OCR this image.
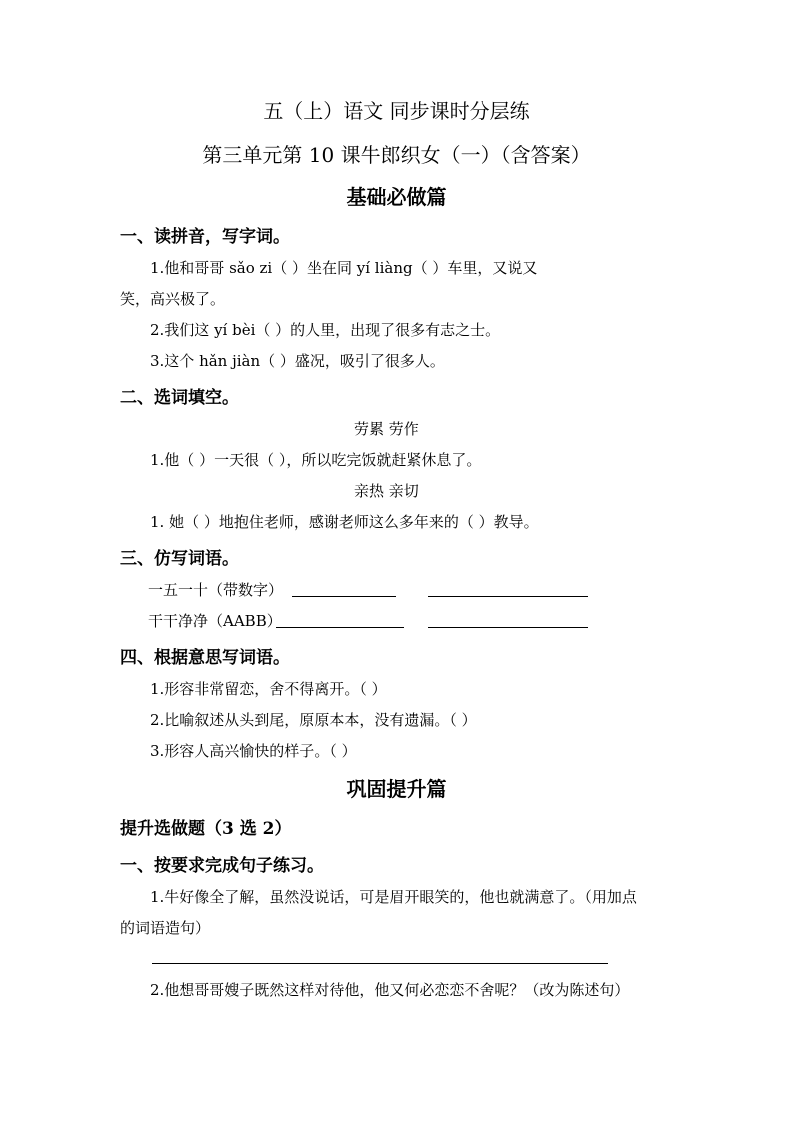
五（上）语文 同步课时分层练
第三单元第 10 课牛郎织女（一）（含答案）
基础必做篇
一、读拼音，写字词。
1.他和哥哥 sǎo zi（ ）坐在同 yí liàng（ ）车里，又说又
笑，高兴极了。
2.我们这 yí bèi（ ）的人里，出现了很多有志之士。
3.这个 hǎn jiàn（ ）盛况，吸引了很多人。
二、选词填空。
劳累 劳作
1.他（ ）一天很（ ），所以吃完饭就赶紧休息了。
亲热 亲切
1. 她（ ）地抱住老师，感谢老师这么多年来的（ ）教导。
三、仿写词语。
一五一十（带数字）
干干净净（AABB）
四、根据意思写词语。
1.形容非常留恋，舍不得离开。（ ）
2.比喻叙述从头到尾，原原本本，没有遗漏。（ ）
3.形容人高兴愉快的样子。（ ）
巩固提升篇
提升选做题（3 选 2）
一、按要求完成句子练习。
1.牛好像全了解，虽然没说话，可是眉开眼笑的，他也就满意了。（用加点
的词语造句）
2.他想哥哥嫂子既然这样对待他，他又何必恋恋不舍呢？（改为陈述句）
